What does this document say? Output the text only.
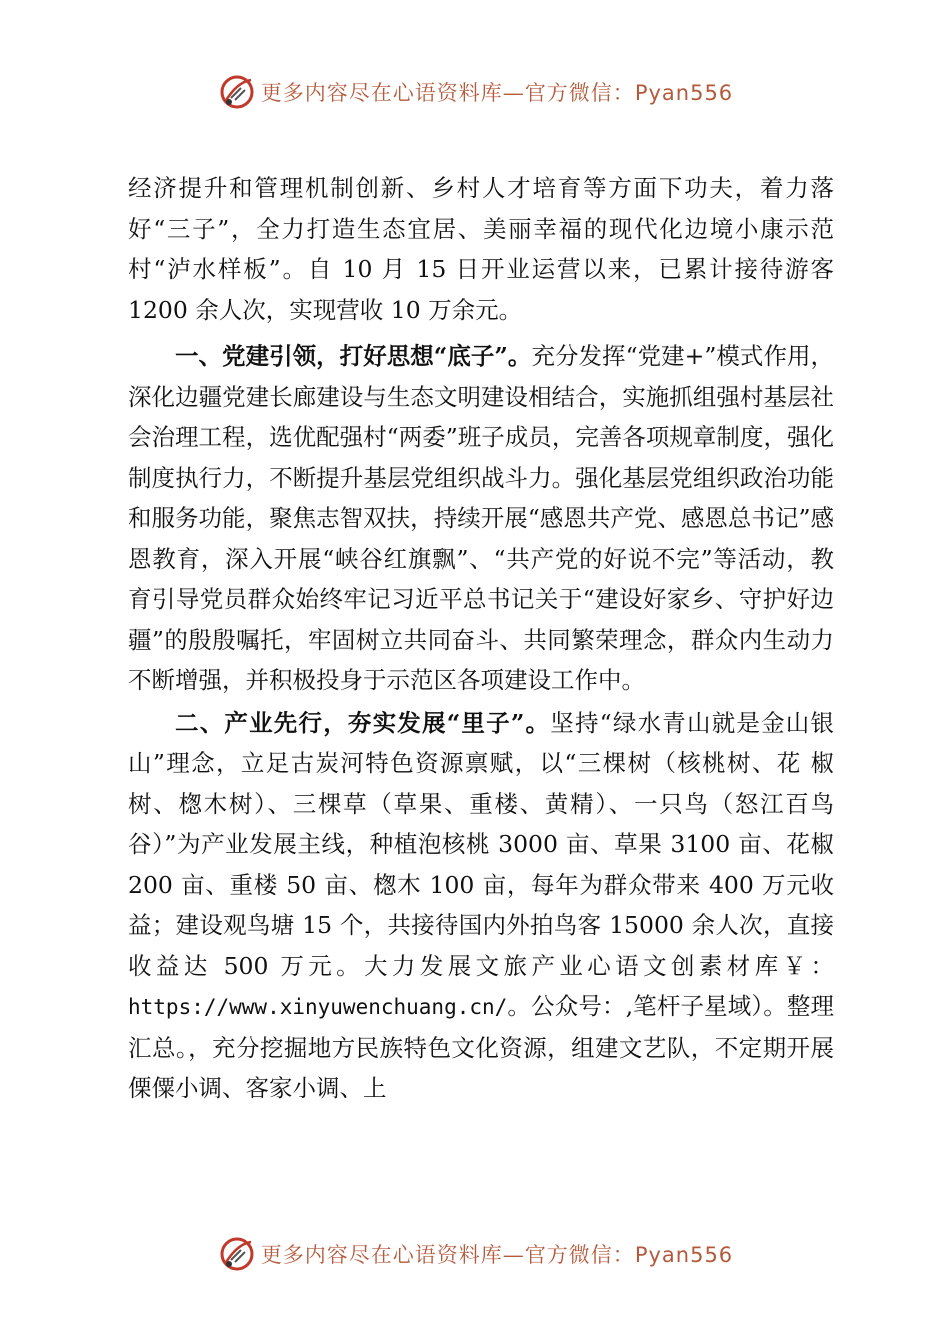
更多内容尽在心语资料库—官方微信：Pyan556

经济提升和管理机制创新、乡村人才培育等方面下功夫，着力落好“三子”，全力打造生态宜居、美丽幸福的现代化边境小康示范 村“泸水样板”。自 10 月 15 日开业运营以来，已累计接待游客 1200 余人次，实现营收 10 万余元。

一、党建引领，打好思想“底子”。充分发挥“党建+”模式作用，深化边疆党建长廊建设与生态文明建设相结合，实施抓组强村基层社会治理工程，选优配强村“两委”班子成员，完善各项规章制度，强化制度执行力，不断提升基层党组织战斗力。强化基层党组织政治功能和服务功能，聚焦志智双扶，持续开展“感恩共产党、感恩总书记”感恩教育，深入开展“峡谷红旗飘”、“共产党的好说不完”等活动，教育引导党员群众始终牢记习近平总书记关于“建设好家乡、守护好边疆”的殷殷嘱托，牢固树立共同奋斗、共同繁荣理念，群众内生动力不断增强，并积极投身于示范区各项建设工作中。

二、产业先行，夯实发展“里子”。坚持“绿水青山就是金山银山”理念，立足古炭河特色资源禀赋，以“三棵树（核桃树、花 椒树、楤木树）、三棵草（草果、重楼、黄精）、一只鸟（怒江百鸟谷）”为产业发展主线，种植泡核桃 3000 亩、草果 3100 亩、花椒 200 亩、重楼 50 亩、楤木 100 亩，每年为群众带来 400 万元收益；建设观鸟塘 15 个，共接待国内外拍鸟客 15000 余人次，直接收益达 500 万元。大力发展文旅产业心语文创素材库￥：https://www.xinyuwenchuang.cn/。公众号：,笔杆子星域）。整理汇总。，充分挖掘地方民族特色文化资源，组建文艺队，不定期开展傈僳小调、客家小调、上

更多内容尽在心语资料库—官方微信：Pyan556
